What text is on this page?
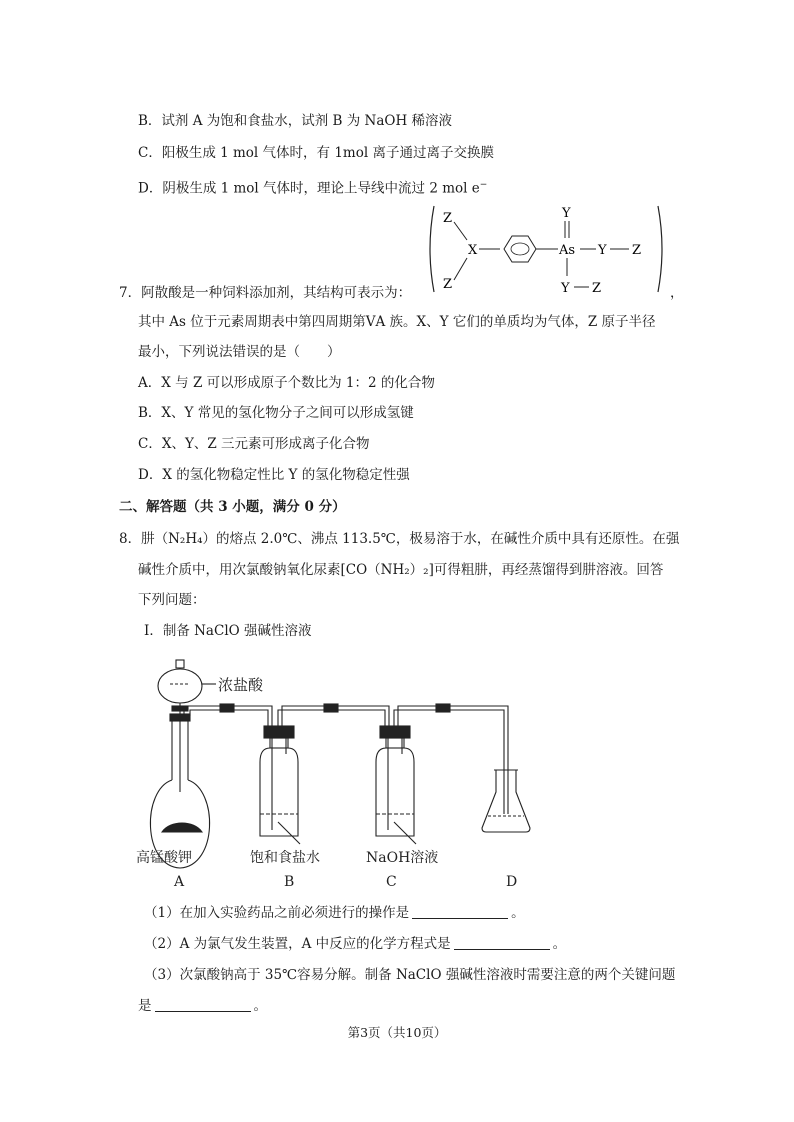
B．试剂 A 为饱和食盐水，试剂 B 为 NaOH 稀溶液
C．阳极生成 1 mol 气体时，有 1mol 离子通过离子交换膜
D．阴极生成 1 mol 气体时，理论上导线中流过 2 mol e−
7．阿散酸是一种饲料添加剂，其结构可表示为：	，
Z
Z
X	As
Y
Y Z
Y Z
其中 As 位于元素周期表中第四周期第ⅤA 族。X、Y 它们的单质均为气体，Z 原子半径
最小，下列说法错误的是（　　）
A．X 与 Z 可以形成原子个数比为 1：2 的化合物
B．X、Y 常见的氢化物分子之间可以形成氢键
C．X、Y、Z 三元素可形成离子化合物
D．X 的氢化物稳定性比 Y 的氢化物稳定性强
二、解答题（共 3 小题，满分 0 分）
8．肼（N₂H₄）的熔点 2.0℃、沸点 113.5℃，极易溶于水，在碱性介质中具有还原性。在强
碱性介质中，用次氯酸钠氧化尿素[CO（NH₂）₂]可得粗肼，再经蒸馏得到肼溶液。回答
下列问题：
Ⅰ．制备 NaClO 强碱性溶液
浓盐酸
高锰酸钾	饱和食盐水	NaOH溶液
A	B	C	D
（1）在加入实验药品之前必须进行的操作是	。
（2）A 为氯气发生装置，A 中反应的化学方程式是	。
（3）次氯酸钠高于 35℃容易分解。制备 NaClO 强碱性溶液时需要注意的两个关键问题
是	。
第3页（共10页）
